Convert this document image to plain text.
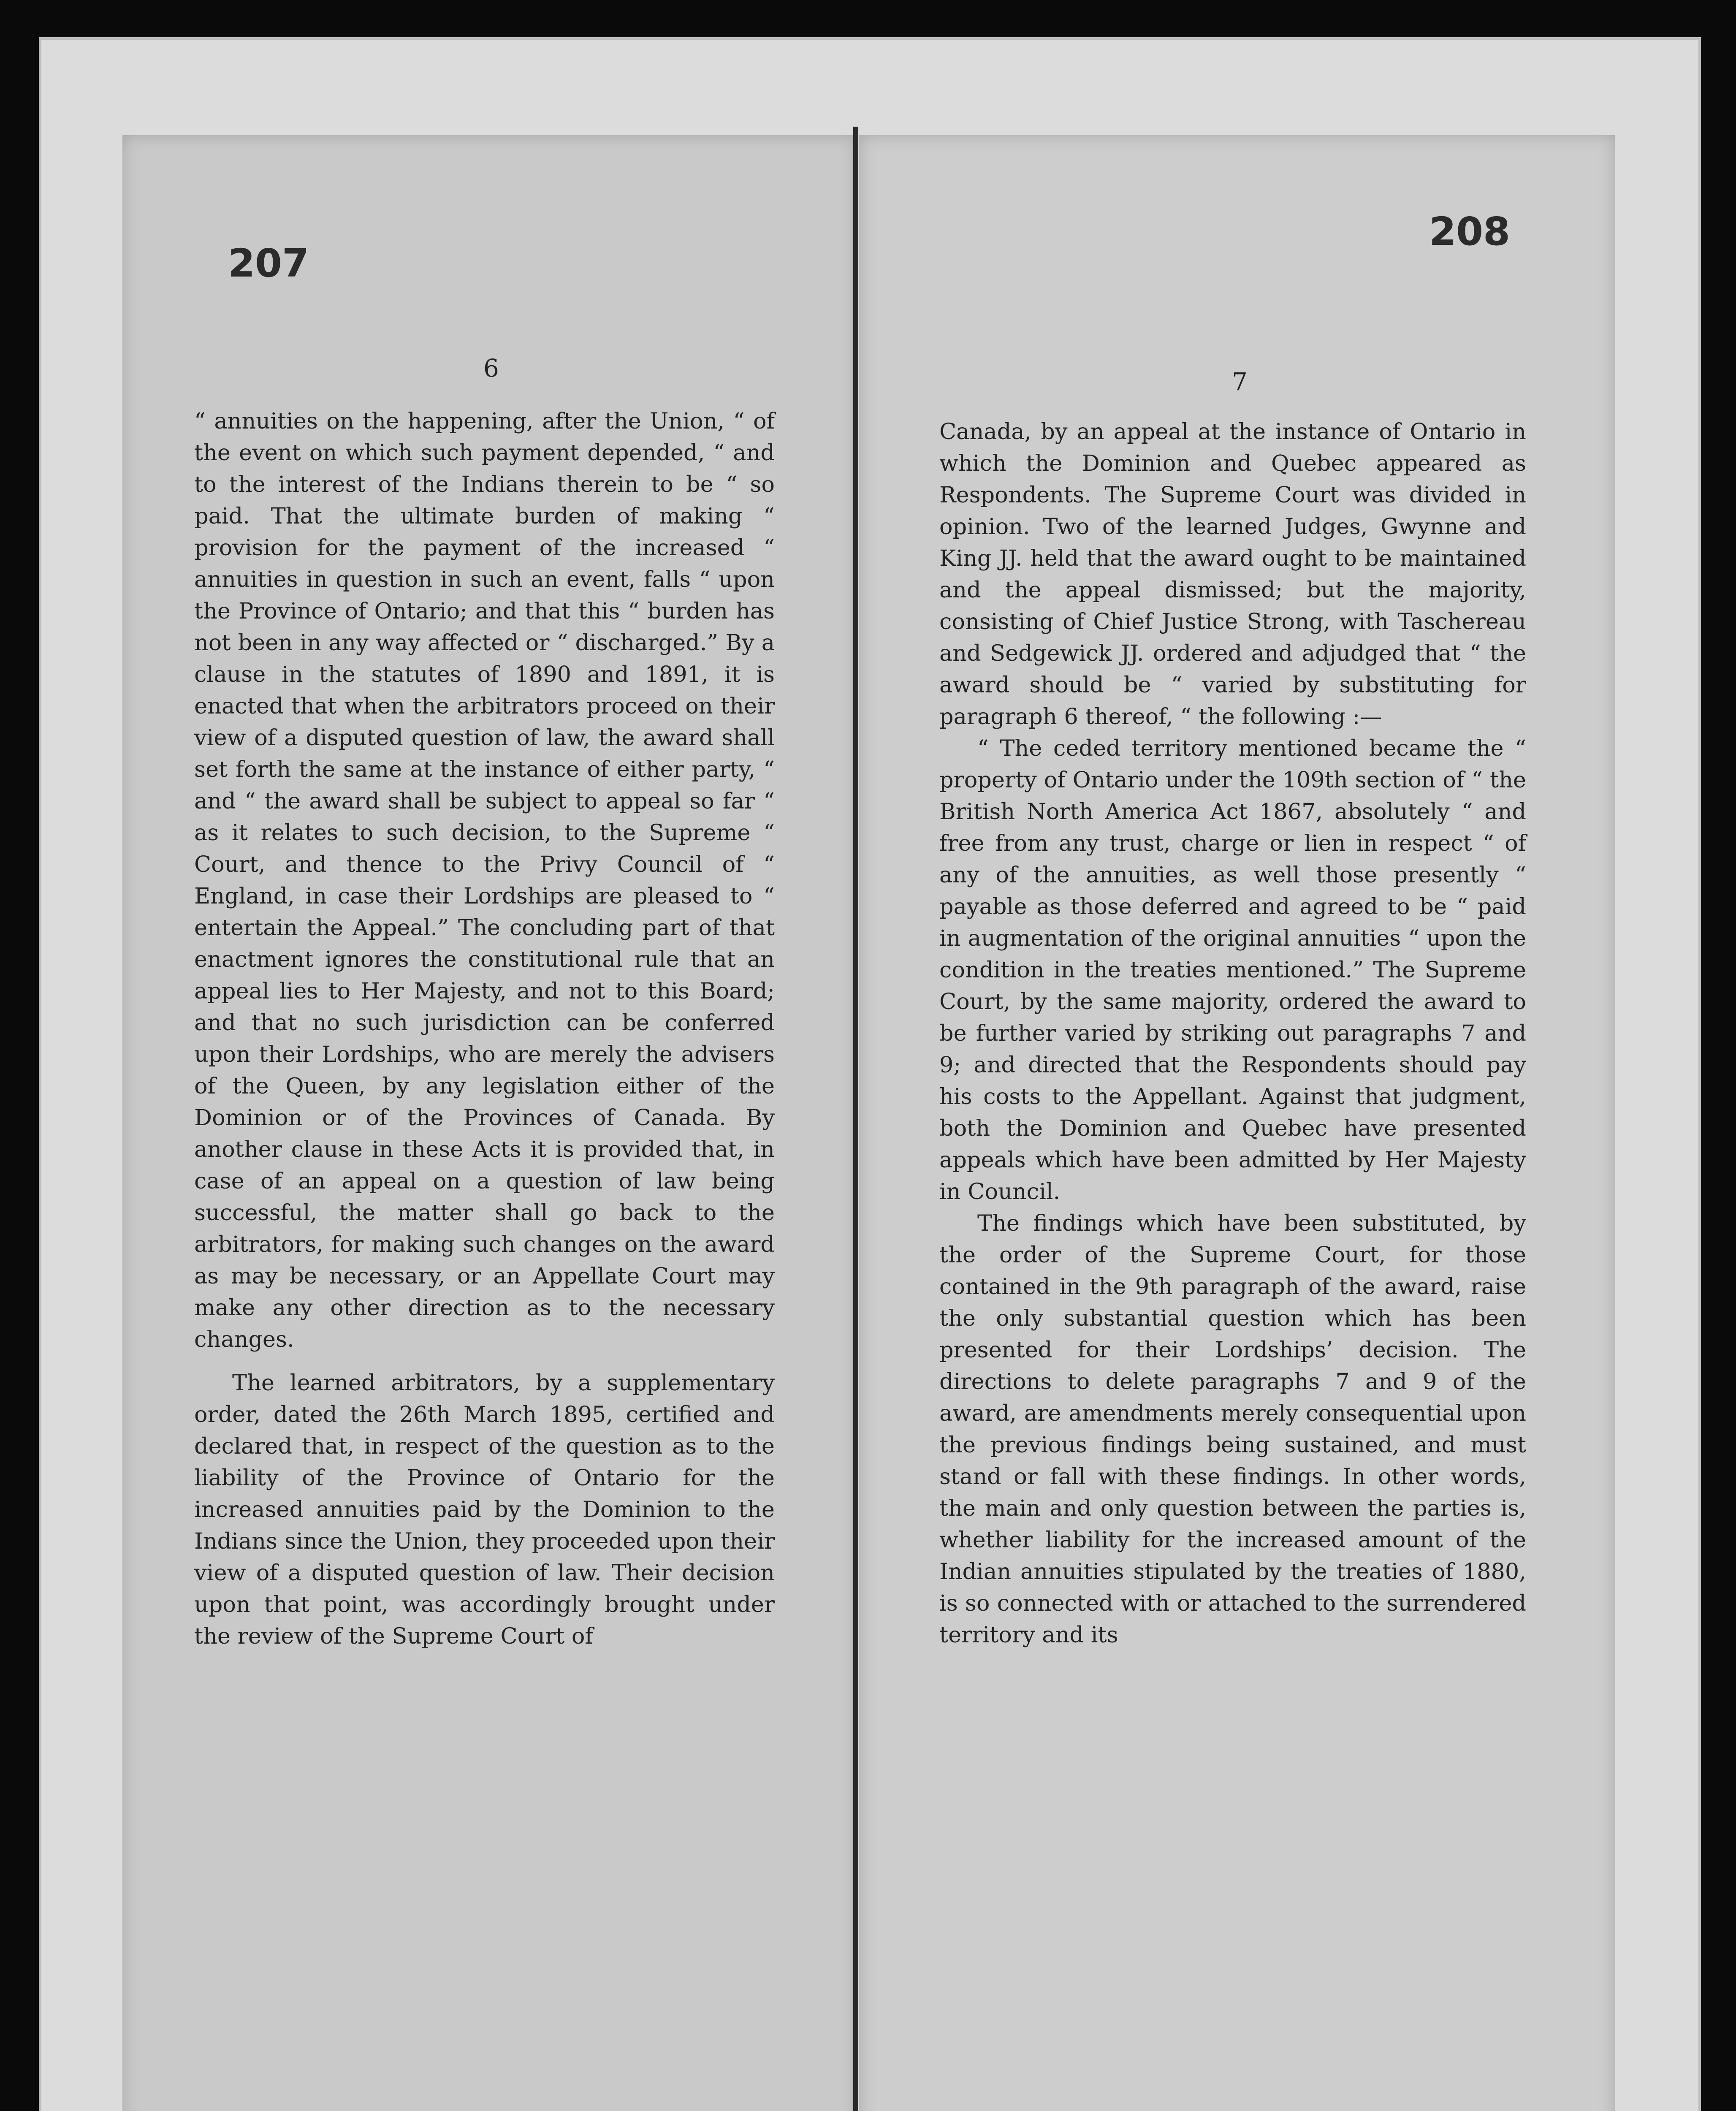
207
208
6	7

“ annuities on the happening, after the Union, “ of the event on which such payment depended, “ and to the interest of the Indians therein to be “ so paid. That the ultimate burden of making “ provision for the payment of the increased “ annuities in question in such an event, falls “ upon the Province of Ontario; and that this “ burden has not been in any way affected or “ discharged.” By a clause in the statutes of 1890 and 1891, it is enacted that when the arbitrators proceed on their view of a disputed question of law, the award shall set forth the same at the instance of either party, “ and “ the award shall be subject to appeal so far “ as it relates to such decision, to the Supreme “ Court, and thence to the Privy Council of “ England, in case their Lordships are pleased to “ entertain the Appeal.” The concluding part of that enactment ignores the constitutional rule that an appeal lies to Her Majesty, and not to this Board; and that no such jurisdiction can be conferred upon their Lordships, who are merely the advisers of the Queen, by any legislation either of the Dominion or of the Provinces of Canada. By another clause in these Acts it is provided that, in case of an appeal on a question of law being successful, the matter shall go back to the arbitrators, for making such changes on the award as may be necessary, or an Appellate Court may make any other direction as to the necessary changes.

The learned arbitrators, by a supplementary order, dated the 26th March 1895, certified and declared that, in respect of the question as to the liability of the Province of Ontario for the increased annuities paid by the Dominion to the Indians since the Union, they proceeded upon their view of a disputed question of law. Their decision upon that point, was accordingly brought under the review of the Supreme Court of

Canada, by an appeal at the instance of Ontario in which the Dominion and Quebec appeared as Respondents. The Supreme Court was divided in opinion. Two of the learned Judges, Gwynne and King JJ. held that the award ought to be maintained and the appeal dismissed; but the majority, consisting of Chief Justice Strong, with Taschereau and Sedgewick JJ. ordered and adjudged that “ the award should be “ varied by substituting for paragraph 6 thereof, “ the following :—

“ The ceded territory mentioned became the “ property of Ontario under the 109th section of “ the British North America Act 1867, absolutely “ and free from any trust, charge or lien in respect “ of any of the annuities, as well those presently “ payable as those deferred and agreed to be “ paid in augmentation of the original annuities “ upon the condition in the treaties mentioned.” The Supreme Court, by the same majority, ordered the award to be further varied by striking out paragraphs 7 and 9; and directed that the Respondents should pay his costs to the Appellant. Against that judgment, both the Dominion and Quebec have presented appeals which have been admitted by Her Majesty in Council.

The findings which have been substituted, by the order of the Supreme Court, for those contained in the 9th paragraph of the award, raise the only substantial question which has been presented for their Lordships’ decision. The directions to delete paragraphs 7 and 9 of the award, are amendments merely consequential upon the previous findings being sustained, and must stand or fall with these findings. In other words, the main and only question between the parties is, whether liability for the increased amount of the Indian annuities stipulated by the treaties of 1880, is so connected with or attached to the surrendered territory and its
